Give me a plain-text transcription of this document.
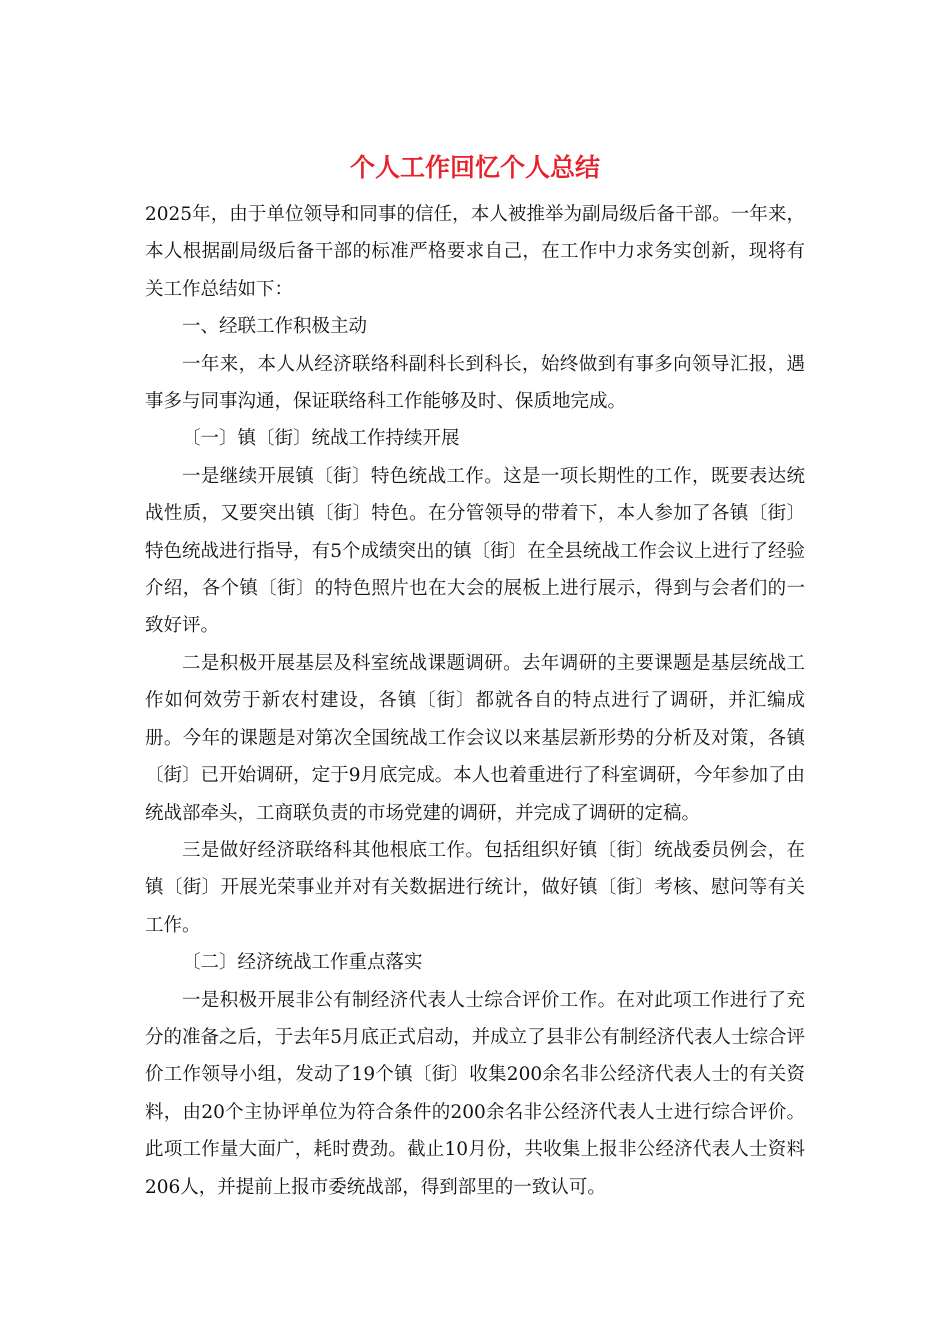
个人工作回忆个人总结

2025年，由于单位领导和同事的信任，本人被推举为副局级后备干部。一年来，本人根据副局级后备干部的标准严格要求自己，在工作中力求务实创新，现将有关工作总结如下：

一、经联工作积极主动

一年来，本人从经济联络科副科长到科长，始终做到有事多向领导汇报，遇事多与同事沟通，保证联络科工作能够及时、保质地完成。

〔一〕镇〔街〕统战工作持续开展

一是继续开展镇〔街〕特色统战工作。这是一项长期性的工作，既要表达统战性质，又要突出镇〔街〕特色。在分管领导的带着下，本人参加了各镇〔街〕特色统战进行指导，有5个成绩突出的镇〔街〕在全县统战工作会议上进行了经验介绍，各个镇〔街〕的特色照片也在大会的展板上进行展示，得到与会者们的一致好评。

二是积极开展基层及科室统战课题调研。去年调研的主要课题是基层统战工作如何效劳于新农村建设，各镇〔街〕都就各自的特点进行了调研，并汇编成册。今年的课题是对第次全国统战工作会议以来基层新形势的分析及对策，各镇〔街〕已开始调研，定于9月底完成。本人也着重进行了科室调研，今年参加了由统战部牵头，工商联负责的市场党建的调研，并完成了调研的定稿。

三是做好经济联络科其他根底工作。包括组织好镇〔街〕统战委员例会，在镇〔街〕开展光荣事业并对有关数据进行统计，做好镇〔街〕考核、慰问等有关工作。

〔二〕经济统战工作重点落实

一是积极开展非公有制经济代表人士综合评价工作。在对此项工作进行了充分的准备之后，于去年5月底正式启动，并成立了县非公有制经济代表人士综合评价工作领导小组，发动了19个镇〔街〕收集200余名非公经济代表人士的有关资料，由20个主协评单位为符合条件的200余名非公经济代表人士进行综合评价。此项工作量大面广，耗时费劲。截止10月份，共收集上报非公经济代表人士资料206人，并提前上报市委统战部，得到部里的一致认可。
